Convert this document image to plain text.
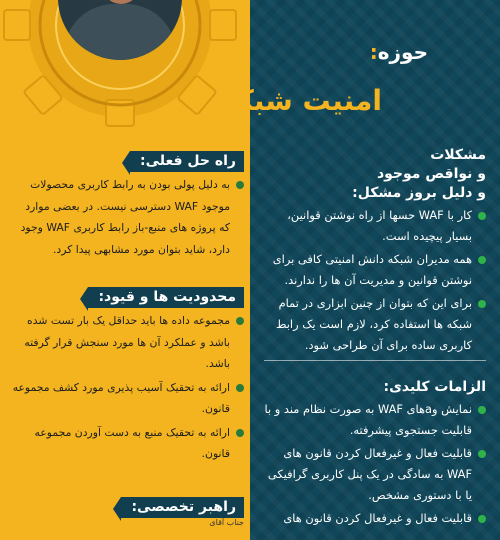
حوزه:
امنیت شبکه
مشکلات
و نواقص موجود
و دلیل بروز مشکل:
کار با WAF حسها از راه نوشتن قوانین، بسیار پیچیده است.
همه مدیران شبکه دانش امنیتی کافی برای نوشتن قوانین و مدیریت آن ها را ندارند.
برای این که بتوان از چنین ابزاری در تمام شبکه ها استفاده کرد، لازم است یک رابط کاربری ساده برای آن طراحی شود.
الزامات کلیدی:
نمایش وaهای WAF به صورت نظام مند و با قابلیت جستجوی پیشرفته.
قابلیت فعال و غیرفعال کردن قانون های WAF به سادگی در یک پنل کاربری گرافیکی یا با دستوری مشخص.
قابلیت فعال و غیرفعال کردن قانون های
راه حل فعلی:
به دلیل پولی بودن به رابط کاربری محصولات موجود WAF دسترسی نیست. در بعضی موارد که پروژه های منبع-باز رابط کاربری WAF وجود دارد، شاید بتوان مورد مشابهی پیدا کرد.
محدودیت ها و قیود:
مجموعه داده ها باید حداقل یک بار تست شده باشد و عملکرد آن ها مورد سنجش قرار گرفته باشد.
ارائه به تحقیک آسیب پذیری مورد کشف مجموعه قانون.
ارائه به تحقیک منبع به دست آوردن مجموعه قانون.
راهبر تخصصی:
جناب آقای
